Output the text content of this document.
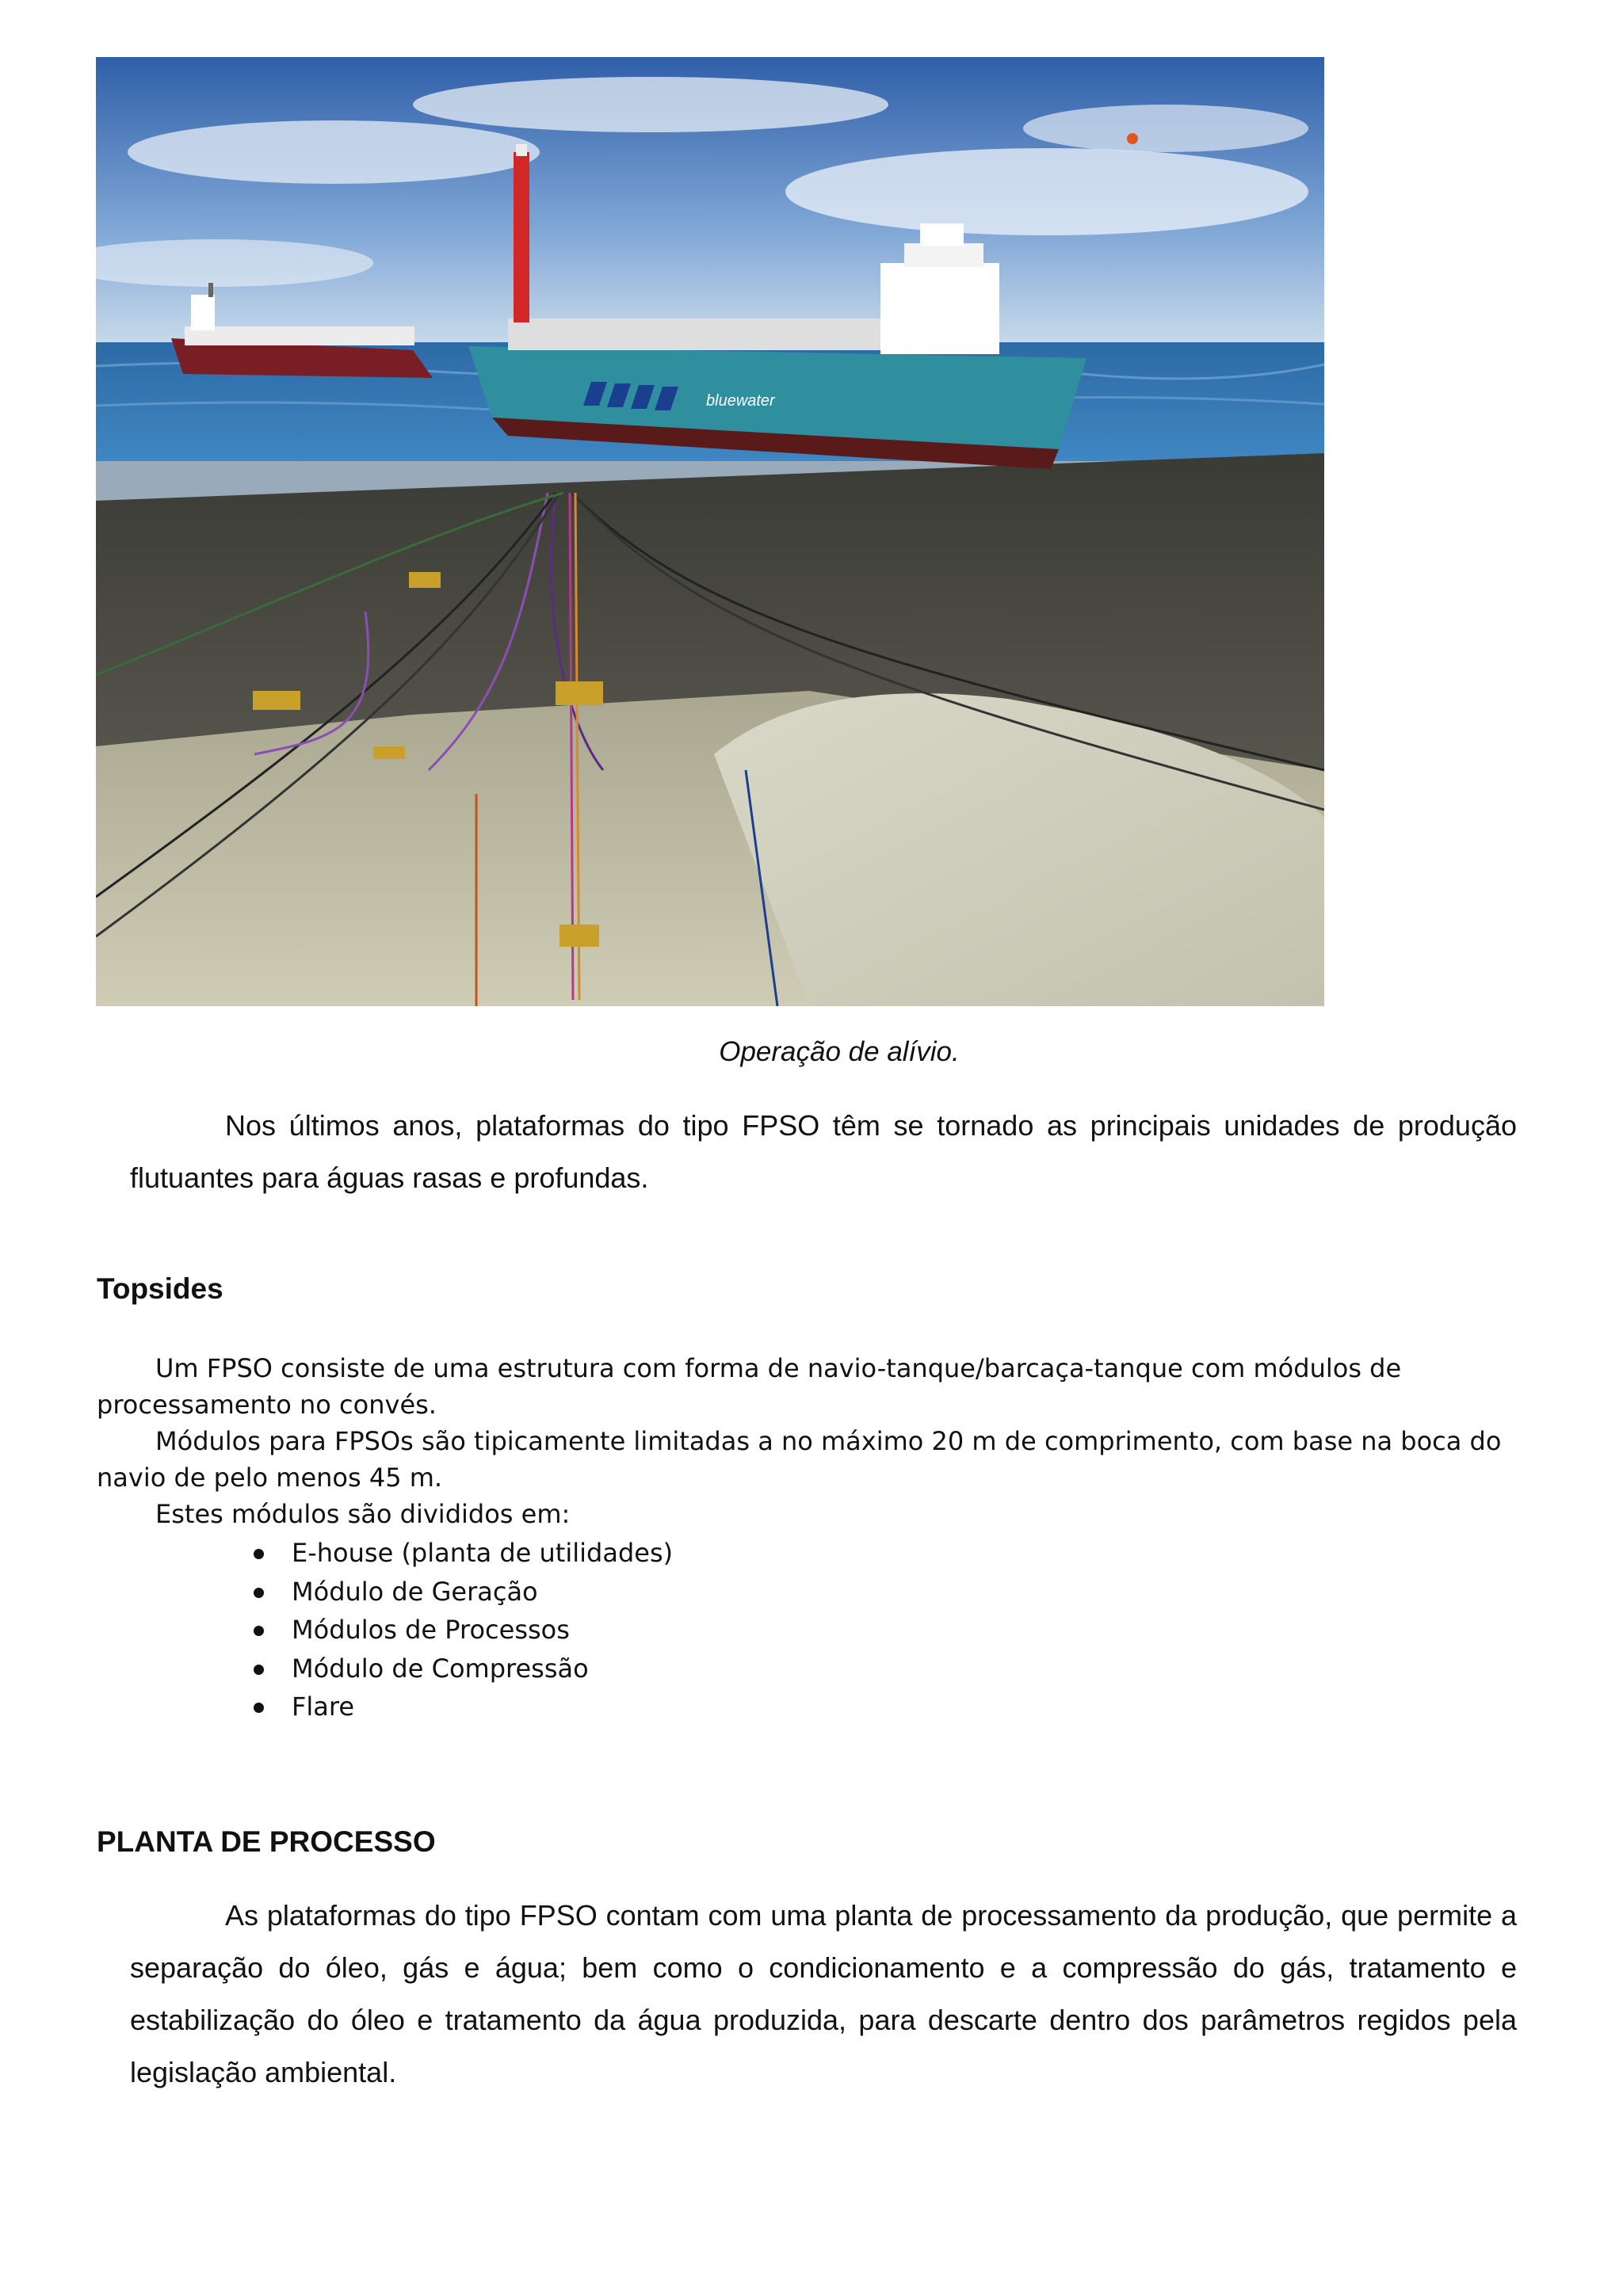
bluewater
Operação de alívio.
Nos últimos anos, plataformas do tipo FPSO têm se tornado as principais unidades de produção flutuantes para águas rasas e profundas.
Topsides
Um FPSO consiste de uma estrutura com forma de navio-tanque/barcaça-tanque com módulos de processamento no convés.
Módulos para FPSOs são tipicamente limitadas a no máximo 20 m de comprimento, com base na boca do navio de pelo menos 45 m.
Estes módulos são divididos em:
E-house (planta de utilidades)
Módulo de Geração
Módulos de Processos
Módulo de Compressão
Flare
PLANTA DE PROCESSO
As plataformas do tipo FPSO contam com uma planta de processamento da produção, que permite a separação do óleo, gás e água; bem como o condicionamento e a compressão do gás, tratamento e estabilização do óleo e tratamento da água produzida, para descarte dentro dos parâmetros regidos pela legislação ambiental.
